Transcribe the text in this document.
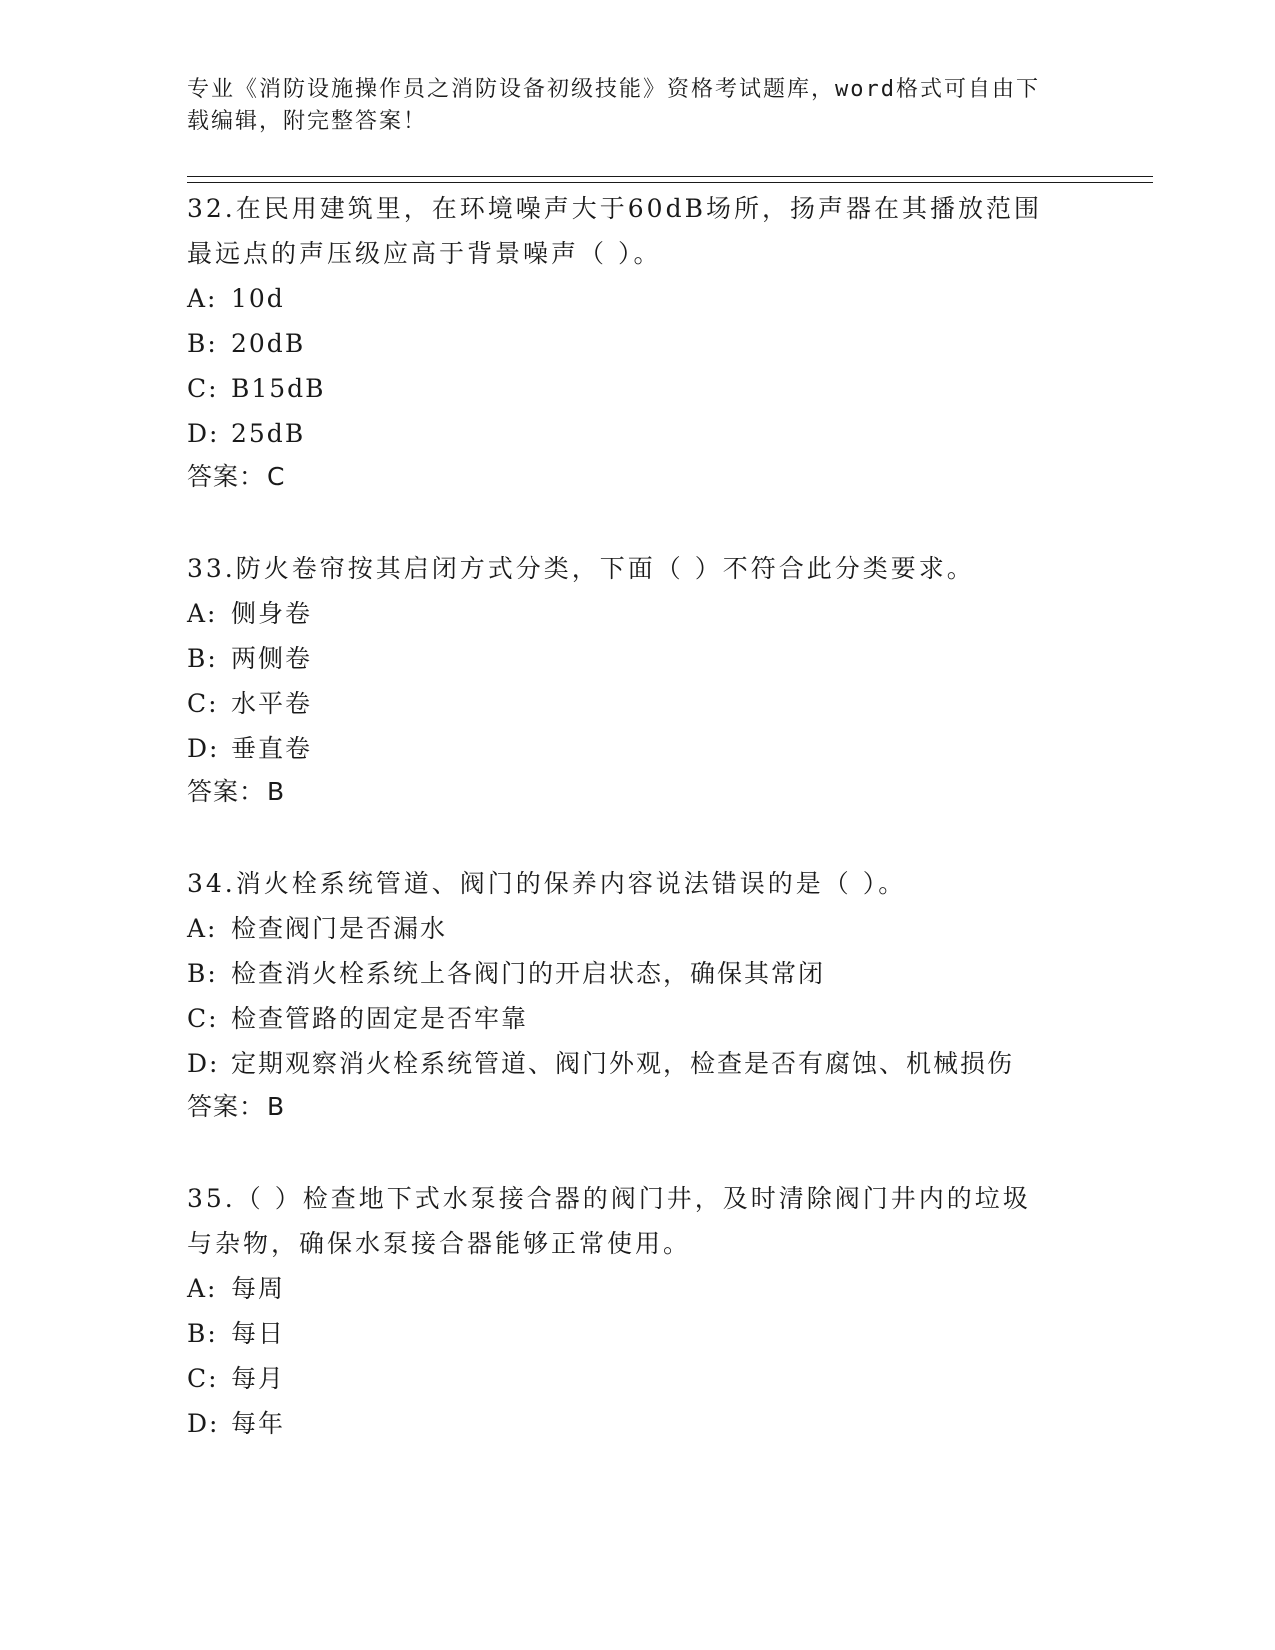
专业《消防设施操作员之消防设备初级技能》资格考试题库，word格式可自由下
载编辑，附完整答案！
32.在民用建筑里，在环境噪声大于60dB场所，扬声器在其播放范围
最远点的声压级应高于背景噪声（ ）。
A: 10d
B: 20dB
C: B15dB
D: 25dB
答案：C
33.防火卷帘按其启闭方式分类，下面（ ）不符合此分类要求。
A: 侧身卷
B: 两侧卷
C: 水平卷
D: 垂直卷
答案：B
34.消火栓系统管道、阀门的保养内容说法错误的是（ ）。
A: 检查阀门是否漏水
B: 检查消火栓系统上各阀门的开启状态，确保其常闭
C: 检查管路的固定是否牢靠
D: 定期观察消火栓系统管道、阀门外观，检查是否有腐蚀、机械损伤
答案：B
35.（ ）检查地下式水泵接合器的阀门井，及时清除阀门井内的垃圾
与杂物，确保水泵接合器能够正常使用。
A: 每周
B: 每日
C: 每月
D: 每年
